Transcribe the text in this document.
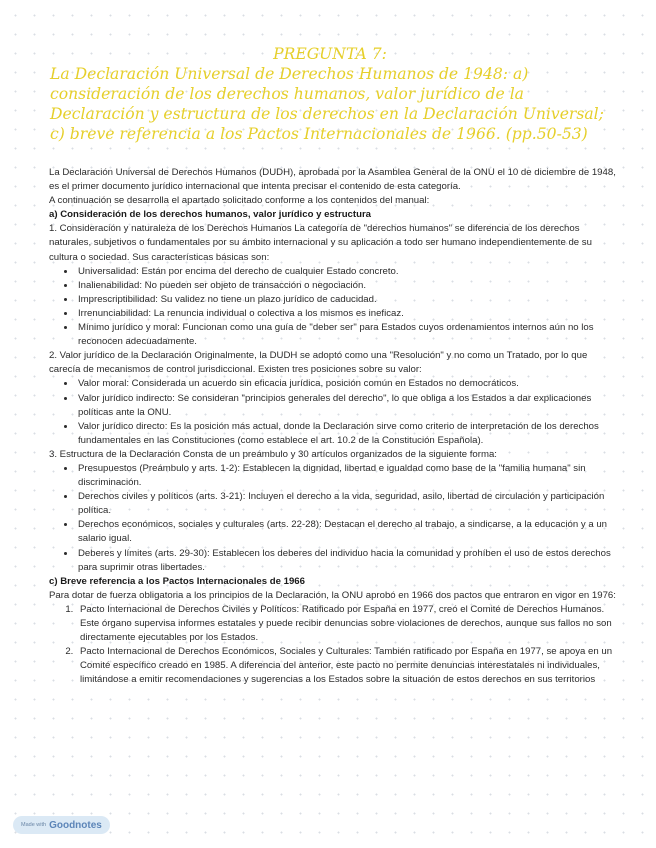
PREGUNTA 7:
La Declaración Universal de Derechos Humanos de 1948: a) consideración de los derechos humanos, valor jurídico de la Declaración y estructura de los derechos en la Declaración Universal; c) breve referencia a los Pactos Internacionales de 1966. (pp.50-53)

La Declaración Universal de Derechos Humanos (DUDH), aprobada por la Asamblea General de la ONU el 10 de diciembre de 1948, es el primer documento jurídico internacional que intenta precisar el contenido de esta categoría.

A continuación se desarrolla el apartado solicitado conforme a los contenidos del manual:

a) Consideración de los derechos humanos, valor jurídico y estructura

1. Consideración y naturaleza de los Derechos Humanos La categoría de "derechos humanos" se diferencia de los derechos naturales, subjetivos o fundamentales por su ámbito internacional y su aplicación a todo ser humano independientemente de su cultura o sociedad. Sus características básicas son:

• Universalidad: Están por encima del derecho de cualquier Estado concreto.
• Inalienabilidad: No pueden ser objeto de transacción o negociación.
• Imprescriptibilidad: Su validez no tiene un plazo jurídico de caducidad.
• Irrenunciabilidad: La renuncia individual o colectiva a los mismos es ineficaz.
• Mínimo jurídico y moral: Funcionan como una guía de "deber ser" para Estados cuyos ordenamientos internos aún no los reconocen adecuadamente.

2. Valor jurídico de la Declaración Originalmente, la DUDH se adoptó como una "Resolución" y no como un Tratado, por lo que carecía de mecanismos de control jurisdiccional. Existen tres posiciones sobre su valor:

• Valor moral: Considerada un acuerdo sin eficacia jurídica, posición común en Estados no democráticos.
• Valor jurídico indirecto: Se consideran "principios generales del derecho", lo que obliga a los Estados a dar explicaciones políticas ante la ONU.
• Valor jurídico directo: Es la posición más actual, donde la Declaración sirve como criterio de interpretación de los derechos fundamentales en las Constituciones (como establece el art. 10.2 de la Constitución Española).

3. Estructura de la Declaración Consta de un preámbulo y 30 artículos organizados de la siguiente forma:

• Presupuestos (Preámbulo y arts. 1-2): Establecen la dignidad, libertad e igualdad como base de la "familia humana" sin discriminación.
• Derechos civiles y políticos (arts. 3-21): Incluyen el derecho a la vida, seguridad, asilo, libertad de circulación y participación política.
• Derechos económicos, sociales y culturales (arts. 22-28): Destacan el derecho al trabajo, a sindicarse, a la educación y a un salario igual.
• Deberes y límites (arts. 29-30): Establecen los deberes del individuo hacia la comunidad y prohíben el uso de estos derechos para suprimir otras libertades.

c) Breve referencia a los Pactos Internacionales de 1966

Para dotar de fuerza obligatoria a los principios de la Declaración, la ONU aprobó en 1966 dos pactos que entraron en vigor en 1976:

1. Pacto Internacional de Derechos Civiles y Políticos: Ratificado por España en 1977, creó el Comité de Derechos Humanos. Este órgano supervisa informes estatales y puede recibir denuncias sobre violaciones de derechos, aunque sus fallos no son directamente ejecutables por los Estados.
2. Pacto Internacional de Derechos Económicos, Sociales y Culturales: También ratificado por España en 1977, se apoya en un Comité específico creado en 1985. A diferencia del anterior, este pacto no permite denuncias interestatales ni individuales, limitándose a emitir recomendaciones y sugerencias a los Estados sobre la situación de estos derechos en sus territorios
Made with Goodnotes
